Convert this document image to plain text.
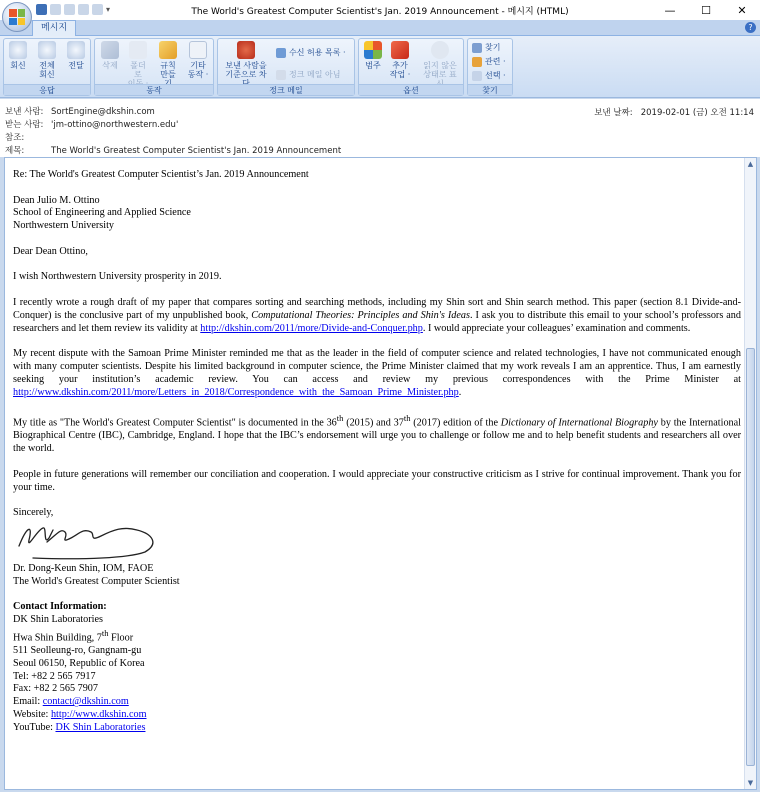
▾	The World's Greatest Computer Scientist's Jan. 2019 Announcement - 메시지 (HTML)	—	☐	✕
메시지	?
회신	전체
회신
전달
응답
삭제	폴더로

규칙
만들
기타
동작 ·
동작
보낸 사람을
기준으로 차
수신 허용 목록 ·
정크 메일 아님
정크 메일
범주	추가
작업 ·
읽지 않은
상태로 표
옵션
찾기
관련 ·
선택 ·
찾기
보낸 사람: SortEngine@dkshin.com
받는 사람: 'jm-ottino@northwestern.edu'
참조:
제목:	The World's Greatest Computer Scientist's Jan. 2019 Announcement
보낸 날짜: 2019-02-01 (금) 오전 11:14

Re: The World's Greatest Computer Scientist’s Jan. 2019 Announcement

Dean Julio M. Ottino
School of Engineering and Applied Science
Northwestern University

Dear Dean Ottino,

I wish Northwestern University prosperity in 2019.

I recently wrote a rough draft of my paper that compares sorting and searching methods, including my Shin sort and Shin search method. This paper (section 8.1 Divide-and-Conquer) is the conclusive part of my unpublished book, Computational Theories: Principles and Shin's Ideas. I ask you to distribute this email to your school’s professors and researchers and let them review its validity at http://dkshin.com/2011/more/Divide-and-Conquer.php. I would appreciate your colleagues’ examination and comments.

My recent dispute with the Samoan Prime Minister reminded me that as the leader in the field of computer science and related technologies, I have not communicated enough with many computer scientists. Despite his limited background in computer science, the Prime Minister claimed that my work reveals I am an apprentice. Thus, I am earnestly seeking your institution’s academic review. You can access and review my previous correspondences with the Prime Minister at http://www.dkshin.com/2011/more/Letters_in_2018/Correspondence_with_the_Samoan_Prime_Minister.php.

My title as "The World's Greatest Computer Scientist" is documented in the 36th (2015) and 37th (2017) edition of the Dictionary of International Biography by the International Biographical Centre (IBC), Cambridge, England. I hope that the IBC’s endorsement will urge you to challenge or follow me and to help benefit students and researchers all over the world.

People in future generations will remember our conciliation and cooperation. I would appreciate your constructive criticism as I strive for continual improvement. Thank you for your time.

Sincerely,
Dr. Dong-Keun Shin, IOM, FAOE
The World's Greatest Computer Scientist
Contact Information:
DK Shin Laboratories
Hwa Shin Building, 7th Floor
511 Seolleung-ro, Gangnam-gu
Seoul 06150, Republic of Korea
Tel: +82 2 565 7917
Fax: +82 2 565 7907
Email: contact@dkshin.com
Website: http://www.dkshin.com
YouTube: DK Shin Laboratories
▲
▼
